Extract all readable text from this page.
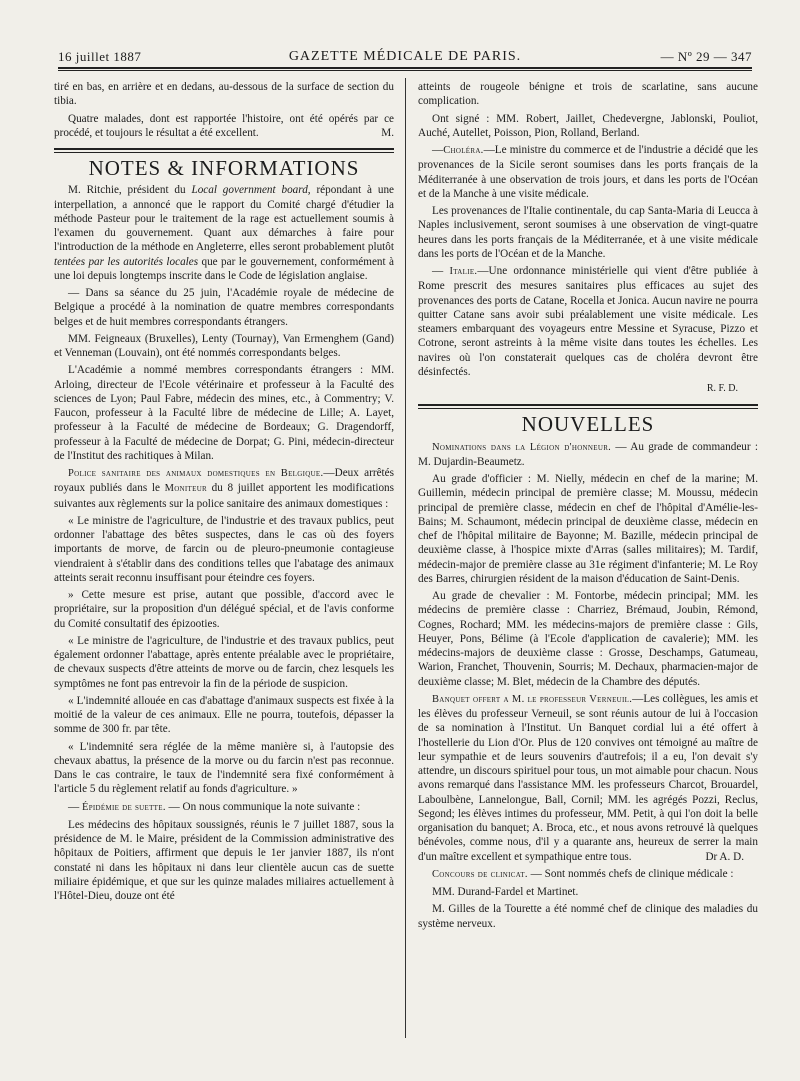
16 juillet 1887	GAZETTE MÉDICALE DE PARIS.	— Nº 29 — 347

tiré en bas, en arrière et en dedans, au-dessous de la surface de section du tibia.

Quatre malades, dont est rapportée l'histoire, ont été opérés par ce procédé, et toujours le résultat a été excellent.	M.

NOTES & INFORMATIONS

M. Ritchie, président du Local government board, répondant à une interpellation, a annoncé que le rapport du Comité chargé d'étudier la méthode Pasteur pour le traitement de la rage est actuellement soumis à l'examen du gouvernement. Quant aux démarches à faire pour l'introduction de la méthode en Angleterre, elles seront probablement plutôt tentées par les autorités locales que par le gouvernement, conformément à une loi depuis longtemps inscrite dans le Code de législation anglaise.

— Dans sa séance du 25 juin, l'Académie royale de médecine de Belgique a procédé à la nomination de quatre membres correspondants belges et de huit membres correspondants étrangers.

MM. Feigneaux (Bruxelles), Lenty (Tournay), Van Ermenghem (Gand) et Venneman (Louvain), ont été nommés correspondants belges.

L'Académie a nommé membres correspondants étrangers : MM. Arloing, directeur de l'Ecole vétérinaire et professeur à la Faculté des sciences de Lyon; Paul Fabre, médecin des mines, etc., à Commentry; V. Faucon, professeur à la Faculté libre de médecine de Lille; A. Layet, professeur à la Faculté de médecine de Bordeaux; G. Dragendorff, professeur à la Faculté de médecine de Dorpat; G. Pini, médecin-directeur de l'Institut des rachitiques à Milan.

Police sanitaire des animaux domestiques en Belgique.—Deux arrêtés royaux publiés dans le Moniteur du 8 juillet apportent les modifications suivantes aux règlements sur la police sanitaire des animaux domestiques :

« Le ministre de l'agriculture, de l'industrie et des travaux publics, peut ordonner l'abattage des bêtes suspectes, dans le cas où des foyers importants de morve, de farcin ou de pleuro-pneumonie contagieuse viendraient à s'établir dans des conditions telles que l'abatage des animaux atteints serait reconnu insuffisant pour éteindre ces foyers.

» Cette mesure est prise, autant que possible, d'accord avec le propriétaire, sur la proposition d'un délégué spécial, et de l'avis conforme du Comité consultatif des épizooties.

« Le ministre de l'agriculture, de l'industrie et des travaux publics, peut également ordonner l'abattage, après entente préalable avec le propriétaire, de chevaux suspects d'être atteints de morve ou de farcin, chez lesquels les symptômes ne font pas entrevoir la fin de la période de suspicion.

« L'indemnité allouée en cas d'abattage d'animaux suspects est fixée à la moitié de la valeur de ces animaux. Elle ne pourra, toutefois, dépasser la somme de 300 fr. par tête.

« L'indemnité sera réglée de la même manière si, à l'autopsie des chevaux abattus, la présence de la morve ou du farcin n'est pas reconnue. Dans le cas contraire, le taux de l'indemnité sera fixé conformément à l'article 5 du règlement relatif au fonds d'agriculture. »

— Épidémie de suette. — On nous communique la note suivante :

Les médecins des hôpitaux soussignés, réunis le 7 juillet 1887, sous la présidence de M. le Maire, président de la Commission administrative des hôpitaux de Poitiers, affirment que depuis le 1er janvier 1887, ils n'ont constaté ni dans les hôpitaux ni dans leur clientèle aucun cas de suette miliaire épidémique, et que sur les quinze malades miliaires actuellement à l'Hôtel-Dieu, douze ont été

atteints de rougeole bénigne et trois de scarlatine, sans aucune complication.

Ont signé : MM. Robert, Jaillet, Chedevergne, Jablonski, Pouliot, Auché, Autellet, Poisson, Pion, Rolland, Berland.

—Choléra.—Le ministre du commerce et de l'industrie a décidé que les provenances de la Sicile seront soumises dans les ports français de la Méditerranée à une observation de trois jours, et dans les ports de l'Océan et de la Manche à une visite médicale.

Les provenances de l'Italie continentale, du cap Santa-Maria di Leucca à Naples inclusivement, seront soumises à une observation de vingt-quatre heures dans les ports français de la Méditerranée, et à une visite médicale dans les ports de l'Océan et de la Manche.

— Italie.—Une ordonnance ministérielle qui vient d'être publiée à Rome prescrit des mesures sanitaires plus efficaces au sujet des provenances des ports de Catane, Rocella et Jonica. Aucun navire ne pourra quitter Catane sans avoir subi préalablement une visite médicale. Les steamers embarquant des voyageurs entre Messine et Syracuse, Pizzo et Cotrone, seront astreints à la même visite dans toutes les échelles. Les navires où l'on constaterait quelques cas de choléra devront être désinfectés.

R. F. D.

NOUVELLES

Nominations dans la Légion d'honneur. — Au grade de commandeur : M. Dujardin-Beaumetz.

Au grade d'officier : M. Nielly, médecin en chef de la marine; M. Guillemin, médecin principal de première classe; M. Moussu, médecin principal de première classe, médecin en chef de l'hôpital d'Amélie-les-Bains; M. Schaumont, médecin principal de deuxième classe, médecin en chef de l'hôpital militaire de Bayonne; M. Bazille, médecin principal de deuxième classe, à l'hospice mixte d'Arras (salles militaires); M. Tardif, médecin-major de première classe au 31e régiment d'infanterie; M. Le Roy des Barres, chirurgien résident de la maison d'éducation de Saint-Denis.

Au grade de chevalier : M. Fontorbe, médecin principal; MM. les médecins de première classe : Charriez, Brémaud, Joubin, Rémond, Cognes, Rochard; MM. les médecins-majors de première classe : Gils, Heuyer, Pons, Bélime (à l'Ecole d'application de cavalerie); MM. les médecins-majors de deuxième classe : Grosse, Deschamps, Gatumeau, Warion, Franchet, Thouvenin, Sourris; M. Dechaux, pharmacien-major de deuxième classe; M. Blet, médecin de la Chambre des députés.

Banquet offert a M. le professeur Verneuil.—Les collègues, les amis et les élèves du professeur Verneuil, se sont réunis autour de lui à l'occasion de sa nomination à l'Institut. Un Banquet cordial lui a été offert à l'hostellerie du Lion d'Or. Plus de 120 convives ont témoigné au maître de leur sympathie et de leurs souvenirs d'autrefois; il a eu, l'on devait s'y attendre, un discours spirituel pour tous, un mot aimable pour chacun. Nous avons remarqué dans l'assistance MM. les professeurs Charcot, Brouardel, Laboulbène, Lannelongue, Ball, Cornil; MM. les agrégés Pozzi, Reclus, Segond; les élèves intimes du professeur, MM. Petit, à qui l'on doit la belle organisation du banquet; A. Broca, etc., et nous avons retrouvé là quelques bénévoles, comme nous, d'il y a quarante ans, heureux de serrer la main d'un maître excellent et sympathique entre tous.	Dr A. D.

Concours de clinicat. — Sont nommés chefs de clinique médicale :

MM. Durand-Fardel et Martinet.

M. Gilles de la Tourette a été nommé chef de clinique des maladies du système nerveux.
